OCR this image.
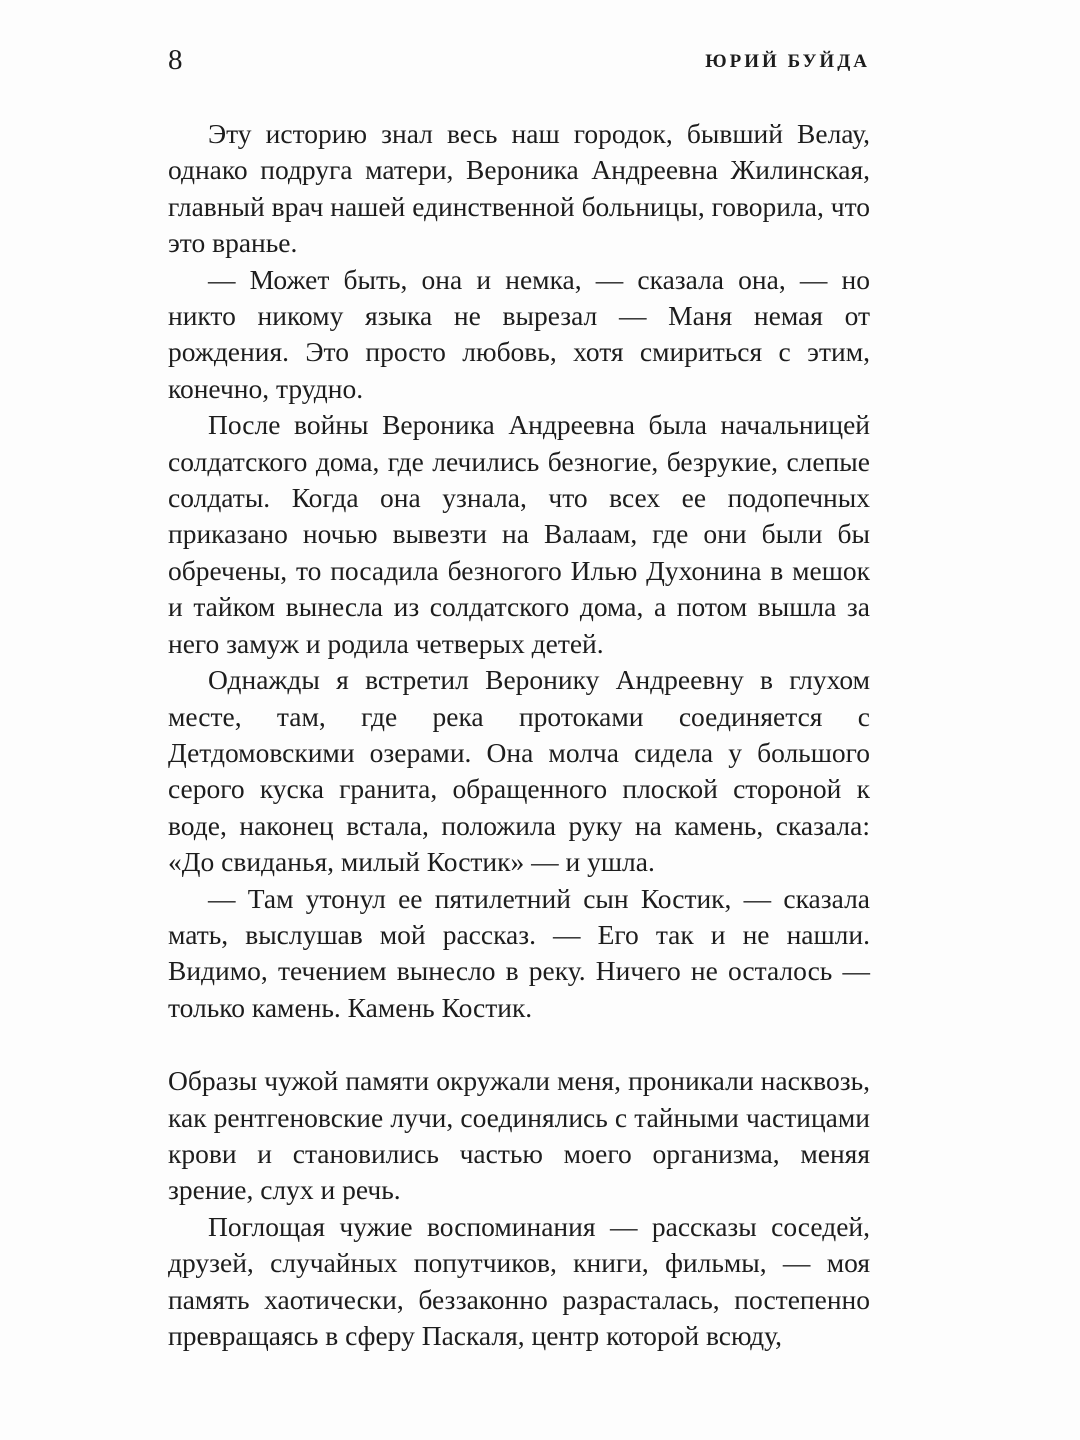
8	ЮРИЙ БУЙДА

Эту историю знал весь наш городок, бывший Велау, однако подруга матери, Вероника Андреевна Жилинская, главный врач нашей единственной больницы, говорила, что это вранье.

— Может быть, она и немка, — сказала она, — но никто никому языка не вырезал — Маня немая от рождения. Это просто любовь, хотя смириться с этим, конечно, трудно.

После войны Вероника Андреевна была начальницей солдатского дома, где лечились безногие, безрукие, слепые солдаты. Когда она узнала, что всех ее подопечных приказано ночью вывезти на Валаам, где они были бы обречены, то посадила безногого Илью Духонина в мешок и тайком вынесла из солдатского дома, а потом вышла за него замуж и родила четверых детей.

Однажды я встретил Веронику Андреевну в глухом месте, там, где река протоками соединяется с Детдомовскими озерами. Она молча сидела у большого серого куска гранита, обращенного плоской стороной к воде, наконец встала, положила руку на камень, сказала: «До свиданья, милый Костик» — и ушла.

— Там утонул ее пятилетний сын Костик, — сказала мать, выслушав мой рассказ. — Его так и не нашли. Видимо, течением вынесло в реку. Ничего не осталось — только камень. Камень Костик.

Образы чужой памяти окружали меня, проникали насквозь, как рентгеновские лучи, соединялись с тайными частицами крови и становились частью моего организма, меняя зрение, слух и речь.

Поглощая чужие воспоминания — рассказы соседей, друзей, случайных попутчиков, книги, фильмы, — моя память хаотически, беззаконно разрасталась, постепенно превращаясь в сферу Паскаля, центр которой всюду,
